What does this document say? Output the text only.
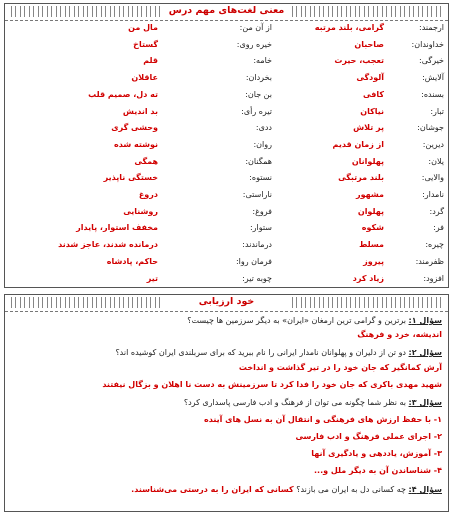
معنی لغت‌های مهم درس
ارجمند:
گرامی، بلند مرتبه
از آن من:
مال من
خداوندان:
صاحبان
خیره روی:
گستاخ
خیرگی:
تعجب، حیرت
خامه:
قلم
آلایش:
آلودگی
بخردان:
عاقلان
بسنده:
کافی
بن جان:
ته دل، صمیم قلب
تبار:
نیاکان
تیره رأی:
بد اندیش
جوشان:
پر تلاش
ددی:
وحشی گری
دیرین:
از زمان قدیم
روان:
نوشته شده
یلان:
پهلوانان
همگنان:
همگی
والایی:
بلند مرتبگی
نستوه:
خستگی ناپذیر
نامدار:
مشهور
ناراستی:
دروغ
گرد:
پهلوان
فروغ:
روشنایی
فر:
شکوه
ستوار:
مخفف استوار، پایدار
چیره:
مسلط
درماندند:
درمانده شدند، عاجز شدند
ظفرمند:
پیروز
فرمان روا:
حاکم، پادشاه
افزود:
زیاد کرد
چوبه تیر:
تیر
خود ارزیابی
سؤال ۱: برترین و گرامی ترین ارمغان «ایران» به دیگر سرزمین ها چیست؟
اندیشه، خرد و فرهنگ
سؤال ۲: دو تن از دلیران و پهلوانان نامدار ایرانی را نام ببرید که برای سربلندی ایران کوشیده اند؟
آرش کمانگیر که جان خود را در تیر گذاشت و انداخت
شهید مهدی باکری که جان خود را فدا کرد تا سرزمینش به دست نا اهلان و بزگال نیفتند
سؤال ۳: به نظر شما چگونه می توان از فرهنگ و ادب فارسی پاسداری کرد؟
۱- با حفظ ارزش های فرهنگی و انتقال آن به نسل های آینده
۲- اجرای عملی فرهنگ و ادب فارسی
۳- آموزش، یاددهی و یادگیری آنها
۴- شناساندن آن به دیگر ملل و...
سؤال ۴: چه کسانی دل به ایران می بازند؟ کسانی که ایران را به درستی می‌شناسند.
